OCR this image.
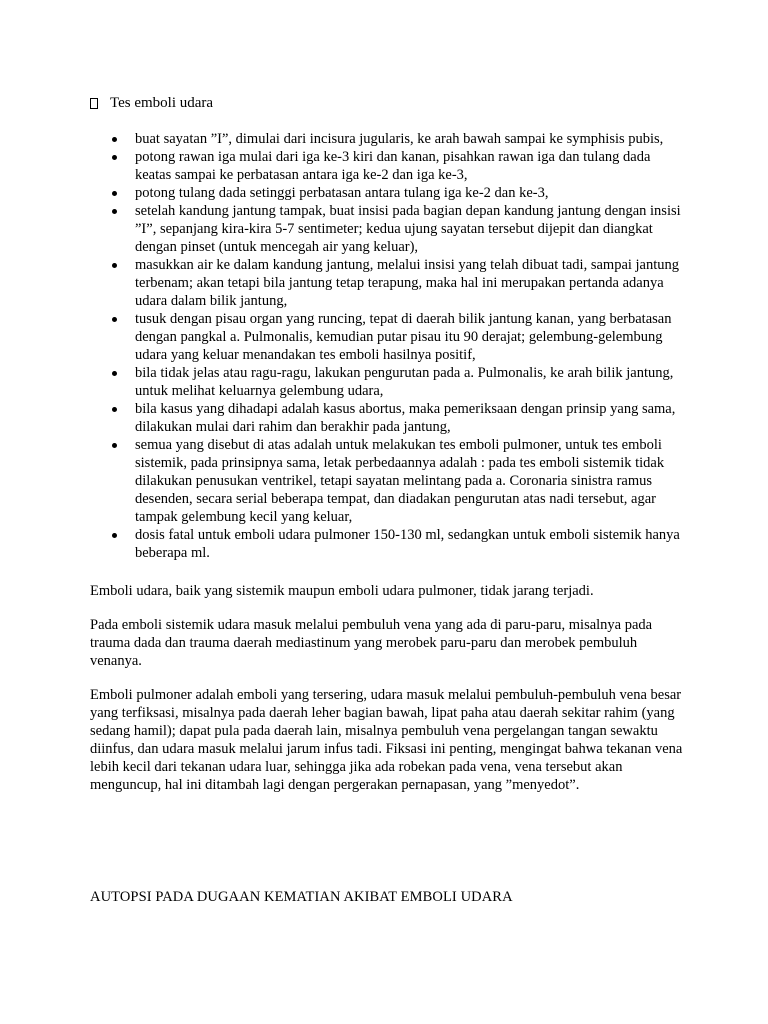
Tes emboli udara
buat sayatan ”I”, dimulai dari incisura jugularis, ke arah bawah sampai ke symphisis pubis,
potong rawan iga mulai dari iga ke-3 kiri dan kanan, pisahkan rawan iga dan tulang dada keatas sampai ke perbatasan antara iga ke-2 dan iga ke-3,
potong tulang dada setinggi perbatasan antara tulang iga ke-2 dan ke-3,
setelah kandung jantung tampak, buat insisi pada bagian depan kandung jantung dengan insisi ”I”, sepanjang kira-kira 5-7 sentimeter; kedua ujung sayatan tersebut dijepit dan diangkat dengan pinset (untuk mencegah air yang keluar),
masukkan air ke dalam kandung jantung, melalui insisi yang telah dibuat tadi, sampai jantung terbenam; akan tetapi bila jantung tetap terapung, maka hal ini merupakan pertanda adanya udara dalam bilik jantung,
tusuk dengan pisau organ yang runcing, tepat di daerah bilik jantung kanan, yang berbatasan dengan pangkal a. Pulmonalis, kemudian putar pisau itu 90 derajat; gelembung-gelembung udara yang keluar menandakan tes emboli hasilnya positif,
bila tidak jelas atau ragu-ragu, lakukan pengurutan pada a. Pulmonalis, ke arah bilik jantung, untuk melihat keluarnya gelembung udara,
bila kasus yang dihadapi adalah kasus abortus, maka pemeriksaan dengan prinsip yang sama, dilakukan mulai dari rahim dan berakhir pada jantung,
semua yang disebut di atas adalah untuk melakukan tes emboli pulmoner, untuk tes emboli sistemik, pada prinsipnya sama, letak perbedaannya adalah : pada tes emboli sistemik tidak dilakukan penusukan ventrikel, tetapi sayatan melintang pada a. Coronaria sinistra ramus desenden, secara serial beberapa tempat, dan diadakan pengurutan atas nadi tersebut, agar tampak gelembung kecil yang keluar,
dosis fatal untuk emboli udara pulmoner 150-130 ml, sedangkan untuk emboli sistemik hanya beberapa ml.

Emboli udara, baik yang sistemik maupun emboli udara pulmoner, tidak jarang terjadi.

Pada emboli sistemik udara masuk melalui pembuluh vena yang ada di paru-paru, misalnya pada trauma dada dan trauma daerah mediastinum yang merobek paru-paru dan merobek pembuluh venanya.

Emboli pulmoner adalah emboli yang tersering, udara masuk melalui pembuluh-pembuluh vena besar yang terfiksasi, misalnya pada daerah leher bagian bawah, lipat paha atau daerah sekitar rahim (yang sedang hamil); dapat pula pada daerah lain, misalnya pembuluh vena pergelangan tangan sewaktu diinfus, dan udara masuk melalui jarum infus tadi. Fiksasi ini penting, mengingat bahwa tekanan vena lebih kecil dari tekanan udara luar, sehingga jika ada robekan pada vena, vena tersebut akan menguncup, hal ini ditambah lagi dengan pergerakan pernapasan, yang ”menyedot”.

AUTOPSI PADA DUGAAN KEMATIAN AKIBAT EMBOLI UDARA
